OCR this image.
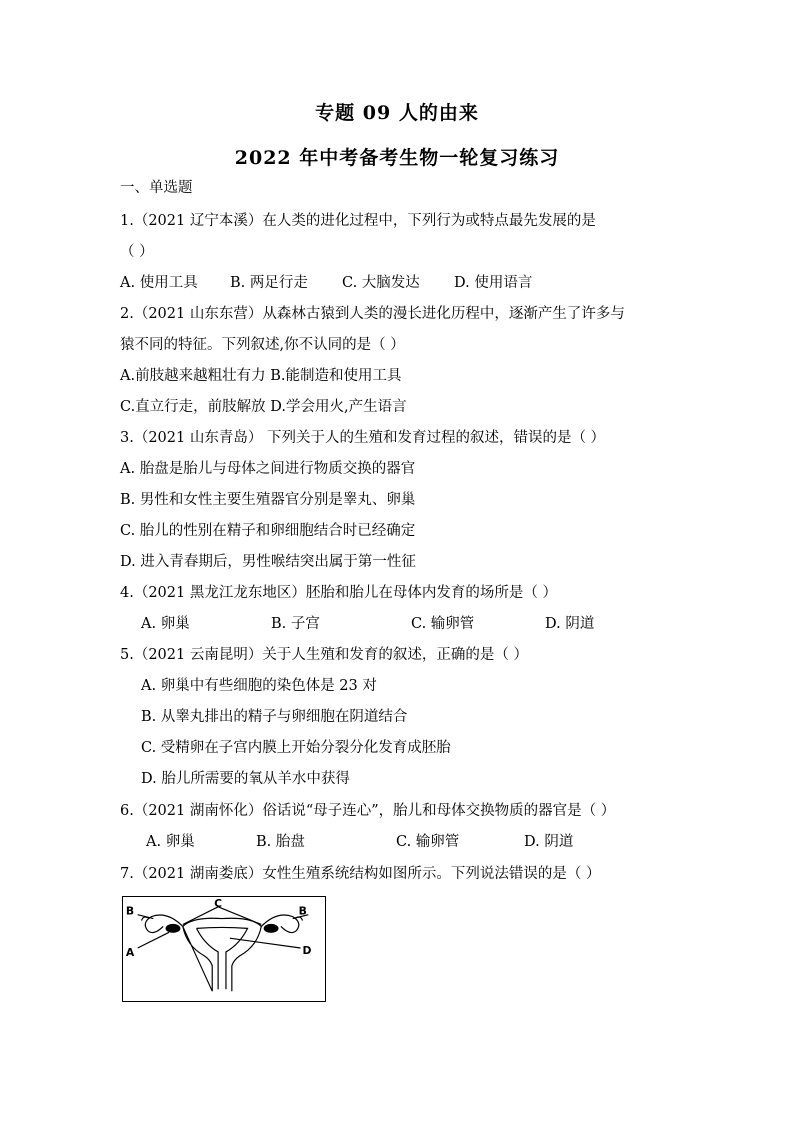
专题 09 人的由来
2022 年中考备考生物一轮复习练习
一、单选题
1.（2021 辽宁本溪）在人类的进化过程中，下列行为或特点最先发展的是
（ ）
A. 使用工具 B. 两足行走 C. 大脑发达 D. 使用语言
2.（2021 山东东营）从森林古猿到人类的漫长进化历程中，逐渐产生了许多与
猿不同的特征。下列叙述,你不认同的是（ ）
A.前肢越来越粗壮有力 B.能制造和使用工具
C.直立行走，前肢解放 D.学会用火,产生语言
3.（2021 山东青岛） 下列关于人的生殖和发育过程的叙述，错误的是（ ）
A. 胎盘是胎儿与母体之间进行物质交换的器官
B. 男性和女性主要生殖器官分别是睾丸、卵巢
C. 胎儿的性别在精子和卵细胞结合时已经确定
D. 进入青春期后，男性喉结突出属于第一性征
4.（2021 黑龙江龙东地区）胚胎和胎儿在母体内发育的场所是（ ）
A. 卵巢	B. 子宫	C. 输卵管	D. 阴道
5.（2021 云南昆明）关于人生殖和发育的叙述，正确的是（ ）
A. 卵巢中有些细胞的染色体是 23 对
B. 从睾丸排出的精子与卵细胞在阴道结合
C. 受精卵在子宫内膜上开始分裂分化发育成胚胎
D. 胎儿所需要的氧从羊水中获得
6.（2021 湖南怀化）俗话说“母子连心”，胎儿和母体交换物质的器官是（ ）
A. 卵巢	B. 胎盘	C. 输卵管	D. 阴道
7.（2021 湖南娄底）女性生殖系统结构如图所示。下列说法错误的是（ ）
B	B
C
A	D
